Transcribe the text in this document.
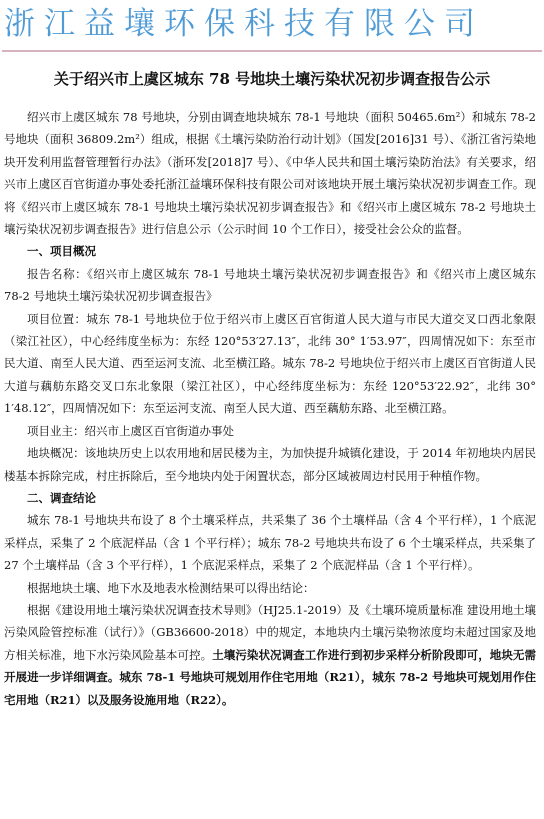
浙江益壤环保科技有限公司
关于绍兴市上虞区城东 78 号地块土壤污染状况初步调查报告公示

绍兴市上虞区城东 78 号地块，分别由调查地块城东 78-1 号地块（面积 50465.6m²）和城东 78-2 号地块（面积 36809.2m²）组成，根据《土壤污染防治行动计划》（国发[2016]31 号）、《浙江省污染地块开发利用监督管理暂行办法》（浙环发[2018]7 号）、《中华人民共和国土壤污染防治法》有关要求，绍兴市上虞区百官街道办事处委托浙江益壤环保科技有限公司对该地块开展土壤污染状况初步调查工作。现将《绍兴市上虞区城东 78-1 号地块土壤污染状况初步调查报告》和《绍兴市上虞区城东 78-2 号地块土壤污染状况初步调查报告》进行信息公示（公示时间 10 个工作日），接受社会公众的监督。

一、项目概况

报告名称：《绍兴市上虞区城东 78-1 号地块土壤污染状况初步调查报告》和《绍兴市上虞区城东 78-2 号地块土壤污染状况初步调查报告》

项目位置：城东 78-1 号地块位于位于绍兴市上虞区百官街道人民大道与市民大道交叉口西北象限（梁江社区），中心经纬度坐标为：东经 120°53′27.13″，北纬 30° 1′53.97″，四周情况如下：东至市民大道、南至人民大道、西至运河支流、北至横江路。城东 78-2 号地块位于绍兴市上虞区百官街道人民大道与藕舫东路交叉口东北象限（梁江社区），中心经纬度坐标为：东经 120°53′22.92″，北纬 30° 1′48.12″，四周情况如下：东至运河支流、南至人民大道、西至藕舫东路、北至横江路。

项目业主：绍兴市上虞区百官街道办事处

地块概况：该地块历史上以农用地和居民楼为主，为加快提升城镇化建设，于 2014 年初地块内居民楼基本拆除完成，村庄拆除后，至今地块内处于闲置状态，部分区域被周边村民用于种植作物。

二、调查结论

城东 78-1 号地块共布设了 8 个土壤采样点，共采集了 36 个土壤样品（含 4 个平行样），1 个底泥采样点，采集了 2 个底泥样品（含 1 个平行样）；城东 78-2 号地块共布设了 6 个土壤采样点，共采集了 27 个土壤样品（含 3 个平行样），1 个底泥采样点，采集了 2 个底泥样品（含 1 个平行样）。

根据地块土壤、地下水及地表水检测结果可以得出结论：

根据《建设用地土壤污染状况调查技术导则》（HJ25.1-2019）及《土壤环境质量标准 建设用地土壤污染风险管控标准（试行）》（GB36600-2018）中的规定，本地块内土壤污染物浓度均未超过国家及地方相关标准，地下水污染风险基本可控。土壤污染状况调查工作进行到初步采样分析阶段即可，地块无需开展进一步详细调查。城东 78-1 号地块可规划用作住宅用地（R21），城东 78-2 号地块可规划用作住宅用地（R21）以及服务设施用地（R22）。
